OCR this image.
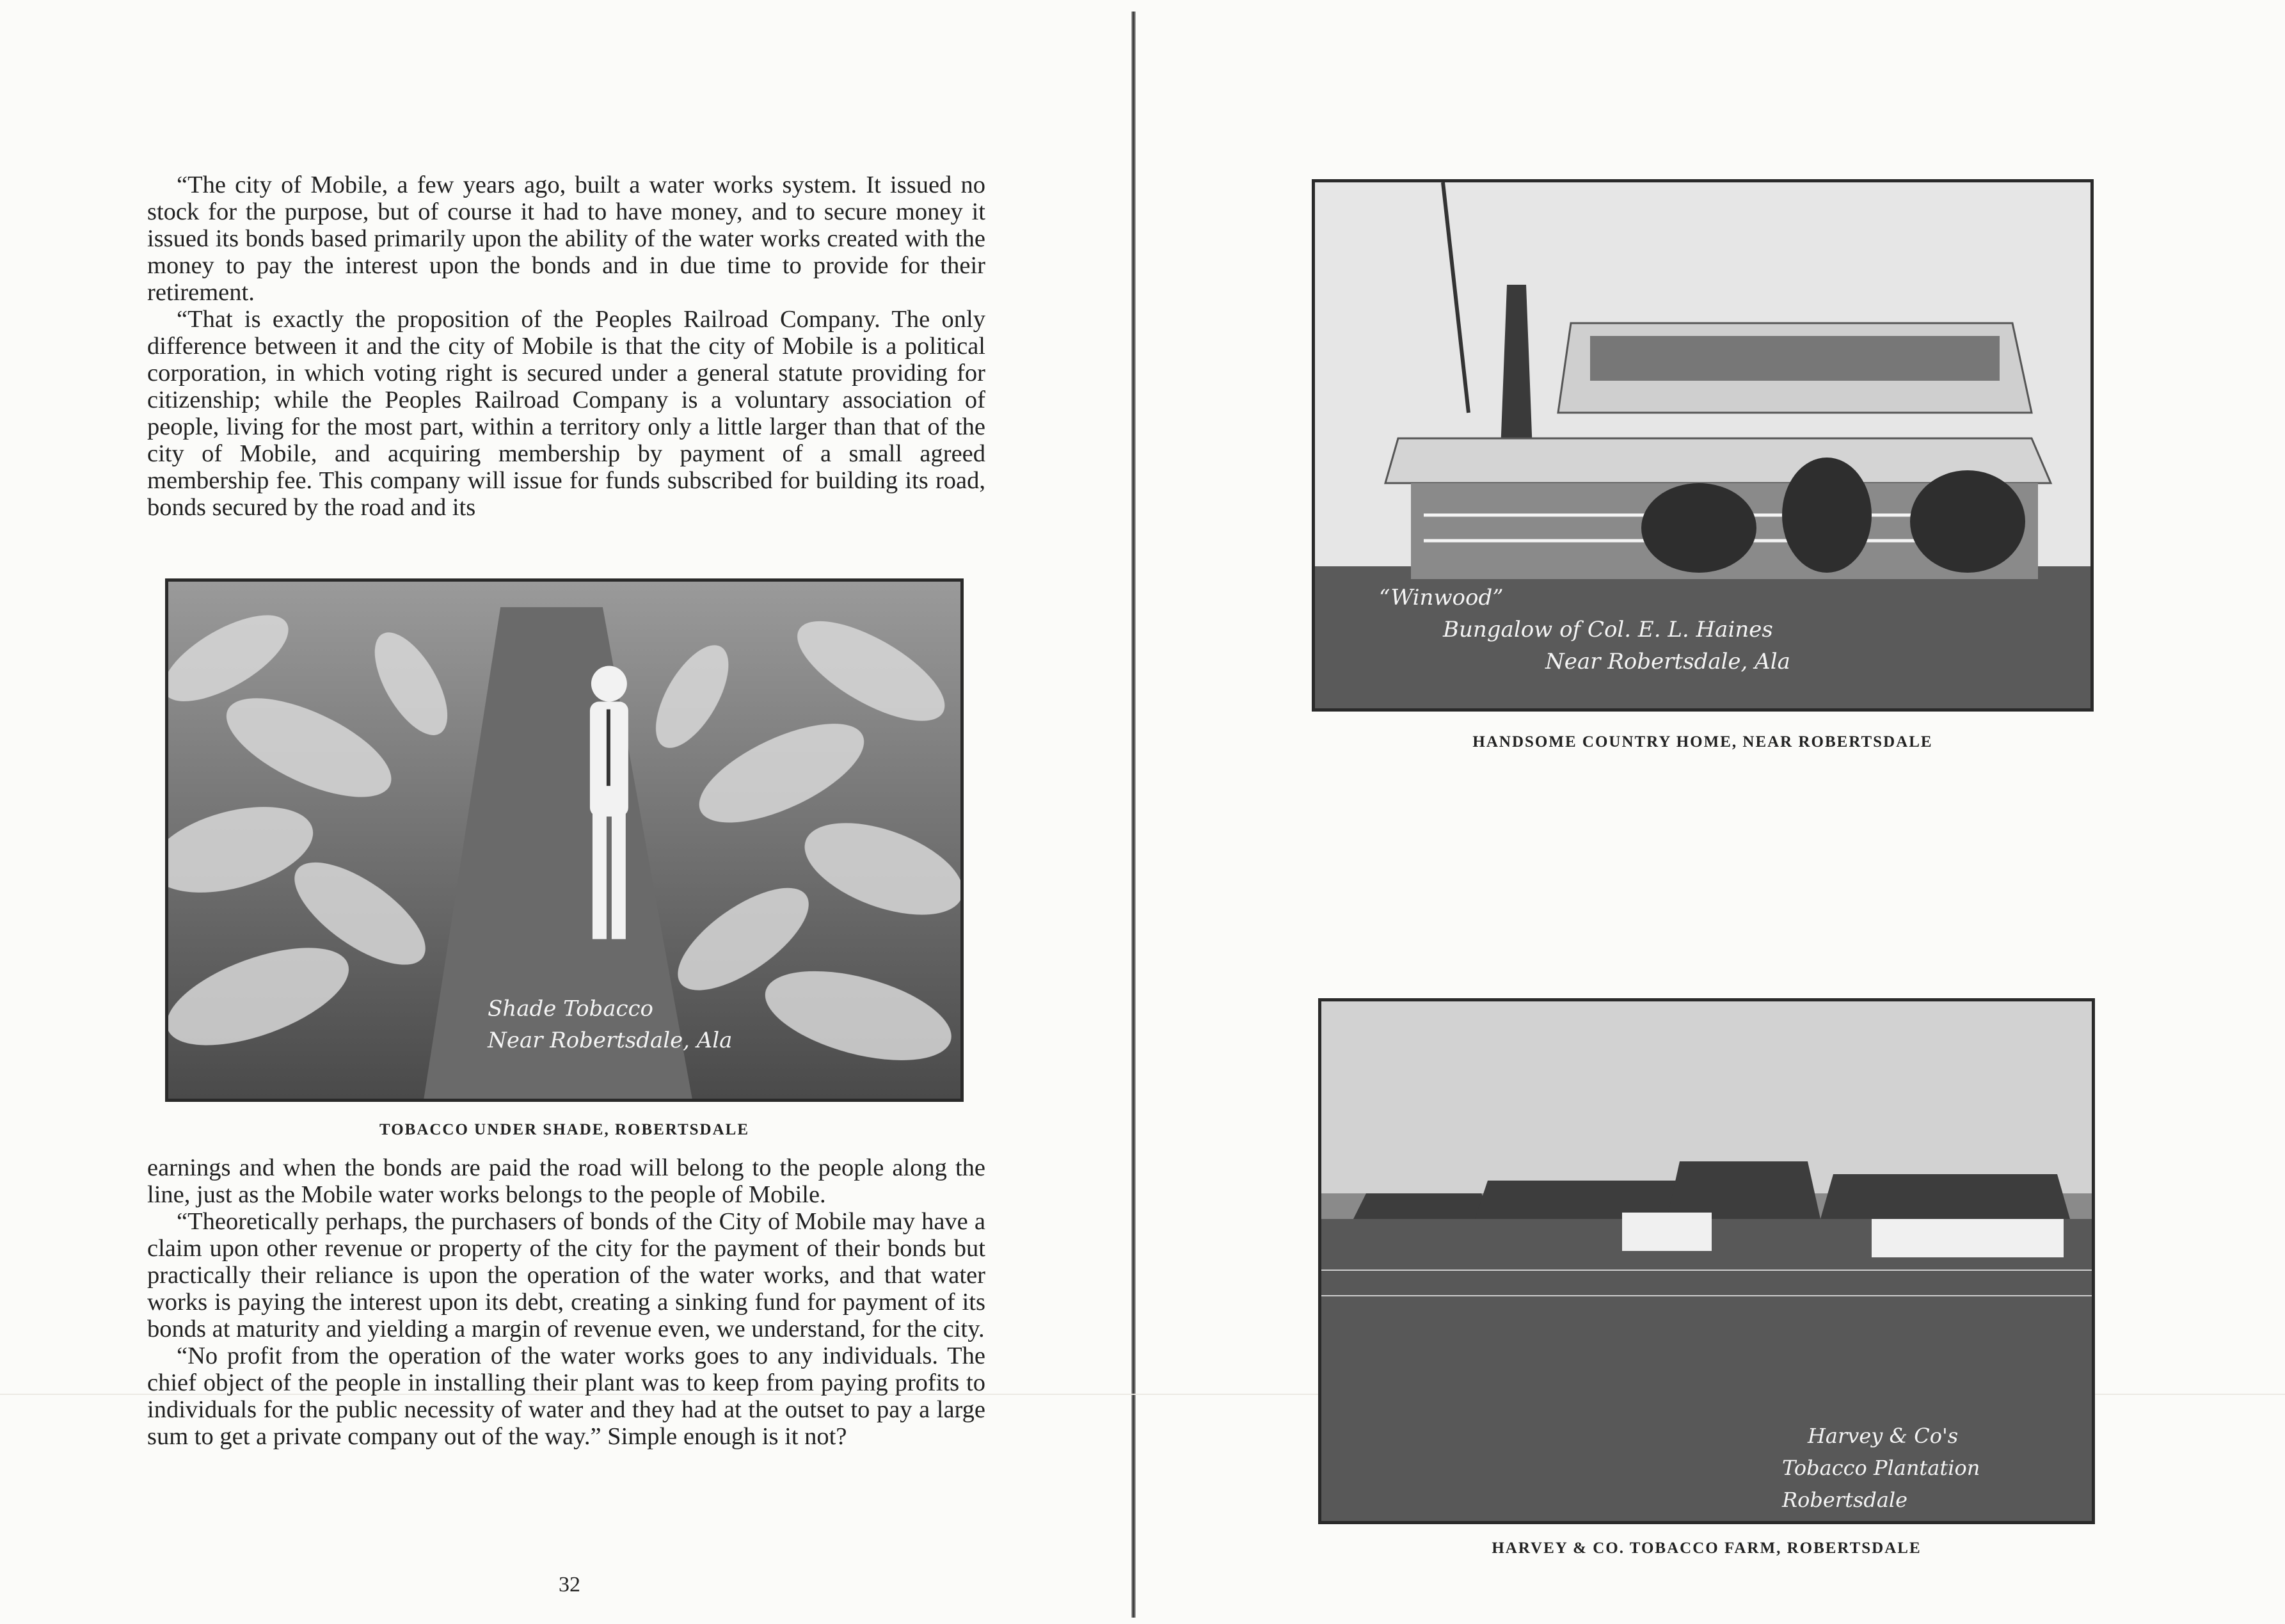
“The city of Mobile, a few years ago, built a water works system. It issued no stock for the purpose, but of course it had to have money, and to secure money it issued its bonds based primarily upon the ability of the water works created with the money to pay the interest upon the bonds and in due time to provide for their retirement.

“That is exactly the proposition of the Peoples Railroad Company. The only difference between it and the city of Mobile is that the city of Mobile is a political corporation, in which voting right is secured under a general statute providing for citizenship; while the Peoples Railroad Company is a voluntary association of people, living for the most part, within a territory only a little larger than that of the city of Mobile, and acquiring membership by payment of a small agreed membership fee. This company will issue for funds subscribed for building its road, bonds secured by the road and its

Shade Tobacco
Near Robertsdale, Ala
TOBACCO UNDER SHADE, ROBERTSDALE

earnings and when the bonds are paid the road will belong to the people along the line, just as the Mobile water works belongs to the people of Mobile.

“Theoretically perhaps, the purchasers of bonds of the City of Mobile may have a claim upon other revenue or property of the city for the payment of their bonds but practically their reliance is upon the operation of the water works, and that water works is paying the interest upon its debt, creating a sinking fund for payment of its bonds at maturity and yielding a margin of revenue even, we understand, for the city.

“No profit from the operation of the water works goes to any individuals. The chief object of the people in installing their plant was to keep from paying profits to individuals for the public necessity of water and they had at the outset to pay a large sum to get a private company out of the way.” Simple enough is it not?

32
“Winwood”
Bungalow of Col. E. L. Haines
Near Robertsdale, Ala
HANDSOME COUNTRY HOME, NEAR ROBERTSDALE
Harvey & Co's
Tobacco Plantation
Robertsdale
HARVEY & CO. TOBACCO FARM, ROBERTSDALE
